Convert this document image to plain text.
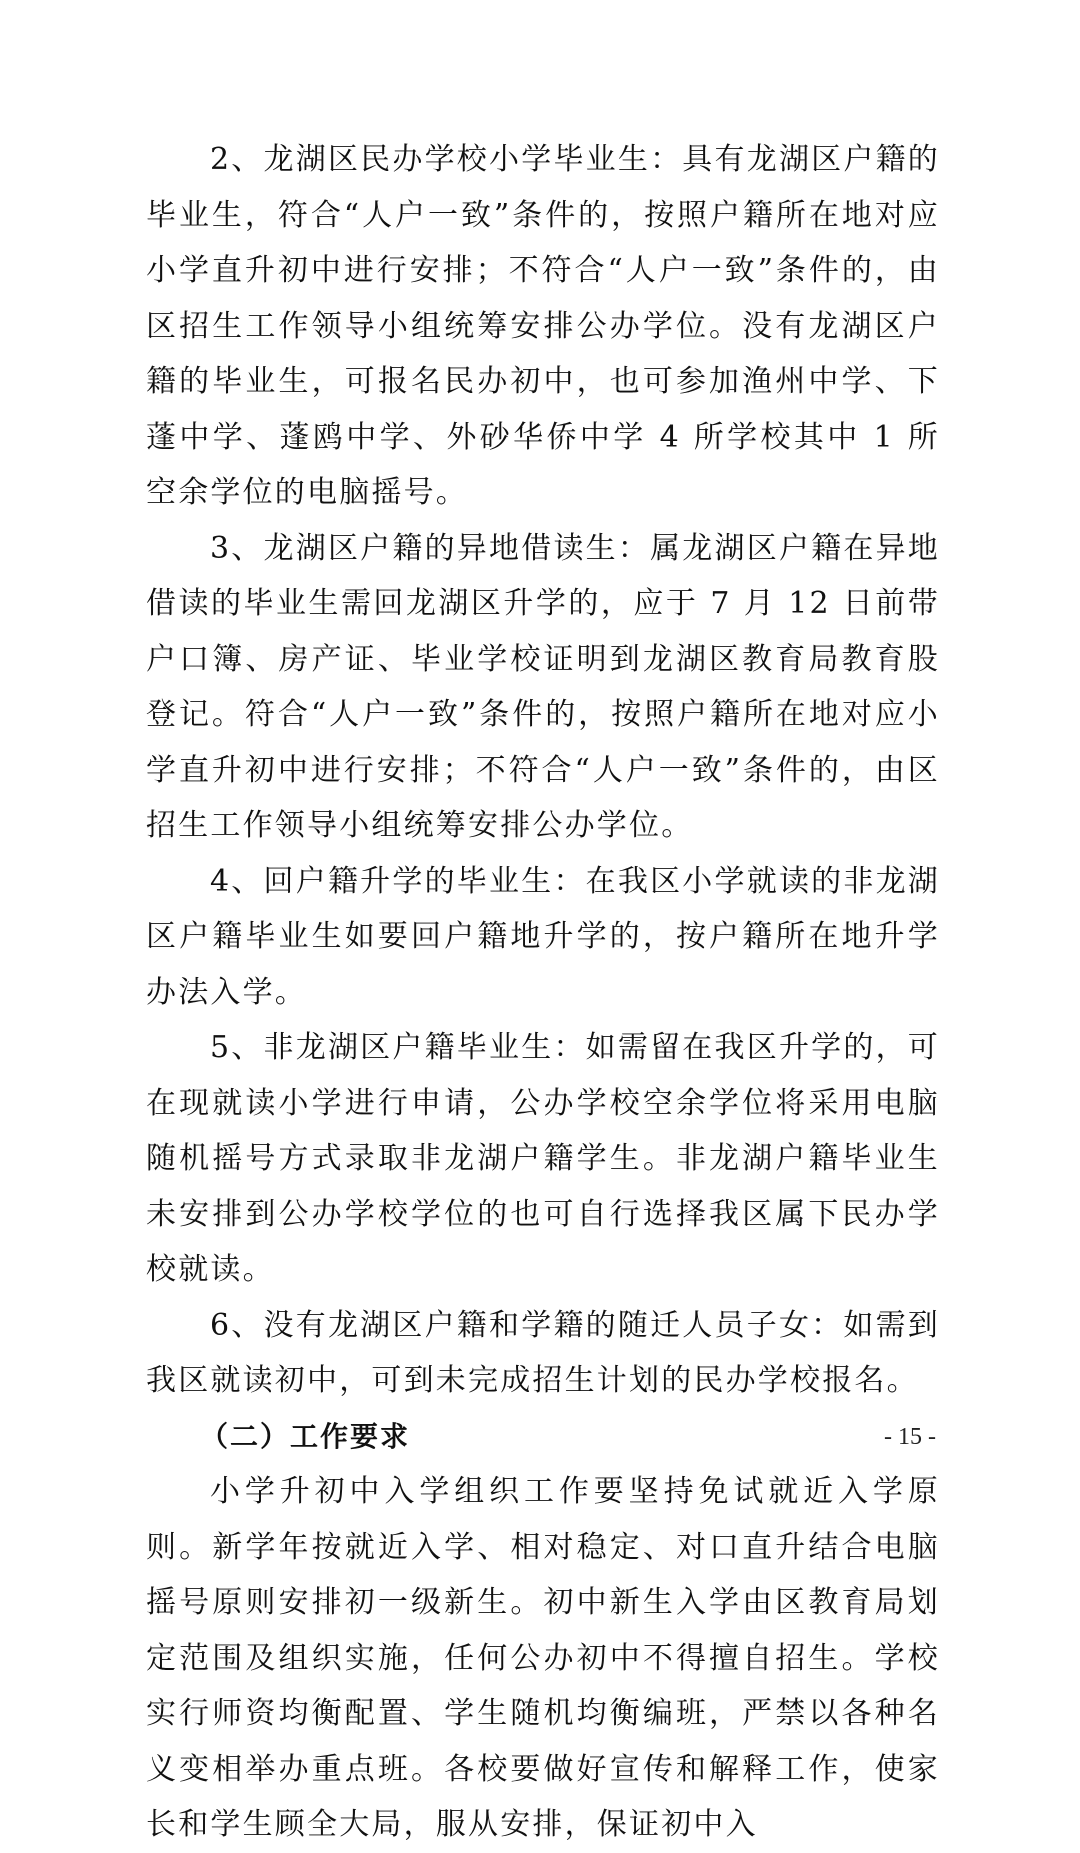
2、龙湖区民办学校小学毕业生：具有龙湖区户籍的毕业生，符合“人户一致”条件的，按照户籍所在地对应小学直升初中进行安排；不符合“人户一致”条件的，由区招生工作领导小组统筹安排公办学位。没有龙湖区户籍的毕业生，可报名民办初中，也可参加渔州中学、下蓬中学、蓬鸥中学、外砂华侨中学 4 所学校其中 1 所空余学位的电脑摇号。

3、龙湖区户籍的异地借读生：属龙湖区户籍在异地借读的毕业生需回龙湖区升学的，应于 7 月 12 日前带户口簿、房产证、毕业学校证明到龙湖区教育局教育股登记。符合“人户一致”条件的，按照户籍所在地对应小学直升初中进行安排；不符合“人户一致”条件的，由区招生工作领导小组统筹安排公办学位。

4、回户籍升学的毕业生：在我区小学就读的非龙湖区户籍毕业生如要回户籍地升学的，按户籍所在地升学办法入学。

5、非龙湖区户籍毕业生：如需留在我区升学的，可在现就读小学进行申请，公办学校空余学位将采用电脑随机摇号方式录取非龙湖户籍学生。非龙湖户籍毕业生未安排到公办学校学位的也可自行选择我区属下民办学校就读。

6、没有龙湖区户籍和学籍的随迁人员子女：如需到我区就读初中，可到未完成招生计划的民办学校报名。

（二）工作要求

小学升初中入学组织工作要坚持免试就近入学原则。新学年按就近入学、相对稳定、对口直升结合电脑摇号原则安排初一级新生。初中新生入学由区教育局划定范围及组织实施，任何公办初中不得擅自招生。学校实行师资均衡配置、学生随机均衡编班，严禁以各种名义变相举办重点班。各校要做好宣传和解释工作，使家长和学生顾全大局，服从安排，保证初中入

- 15 -
